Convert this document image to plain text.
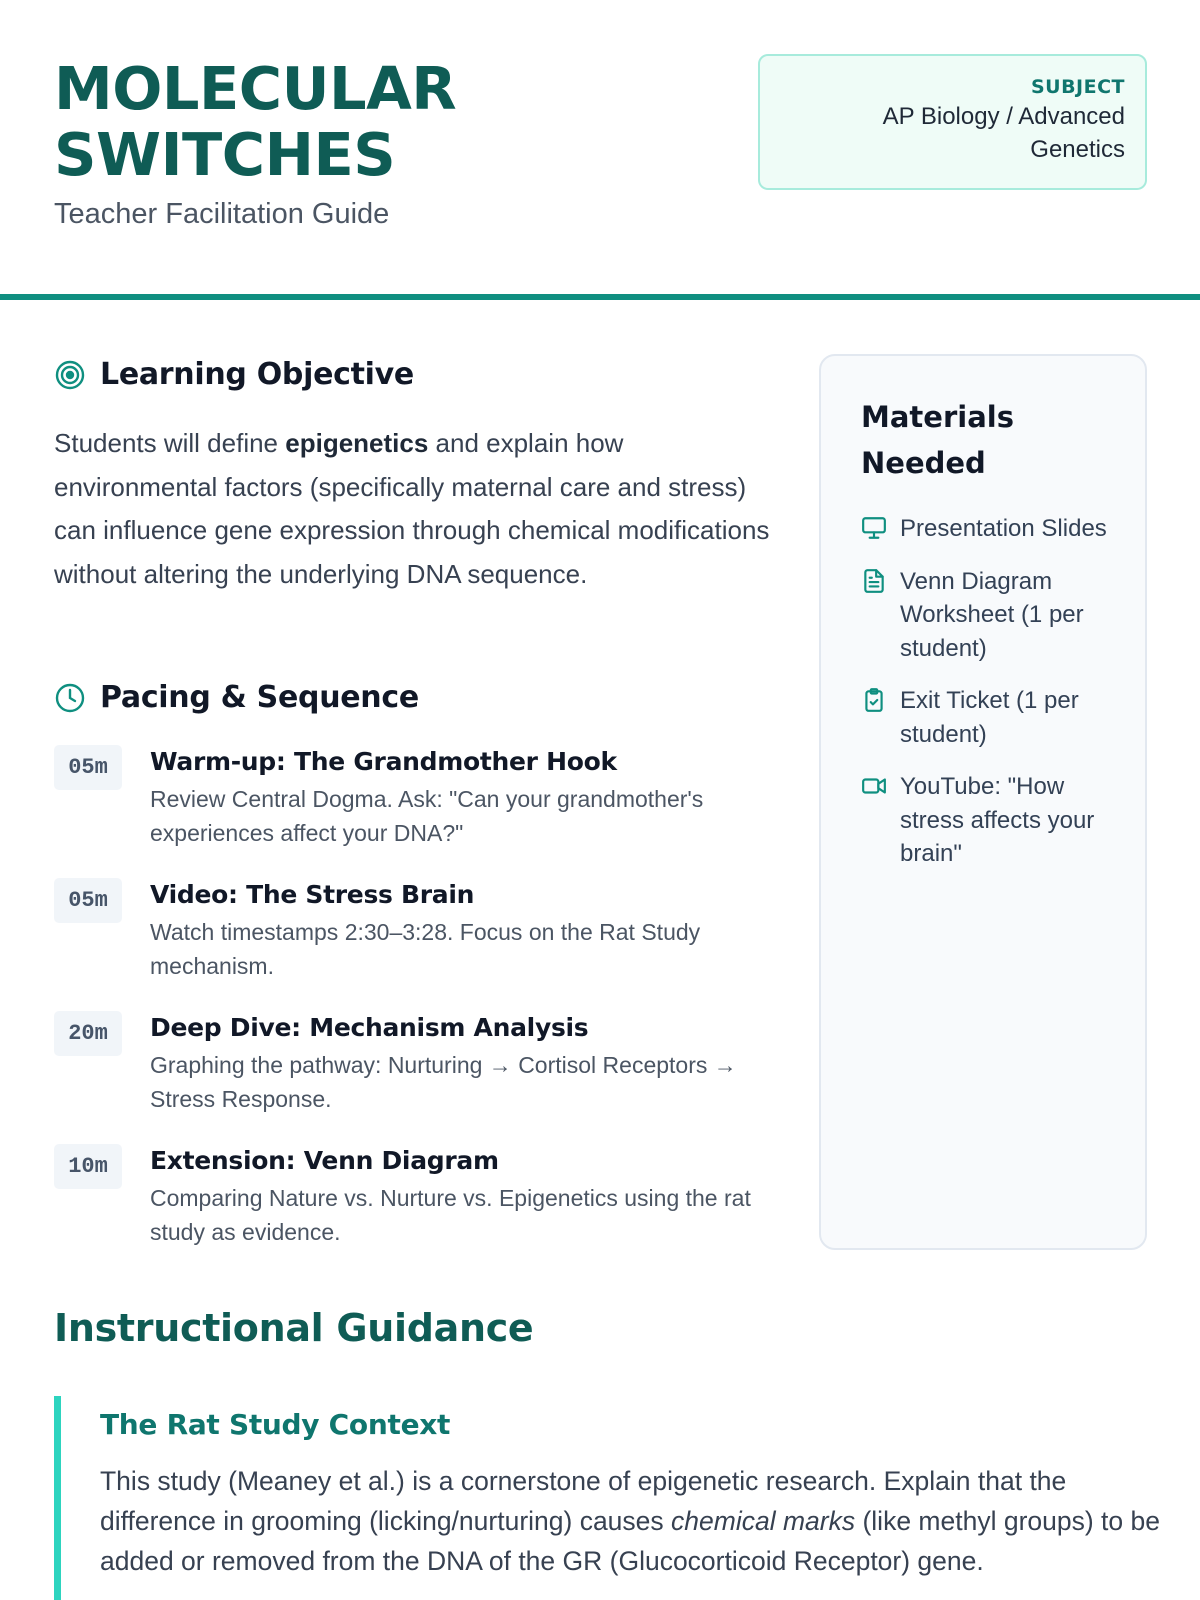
MOLECULAR
SWITCHES
Teacher Facilitation Guide
SUBJECT
AP Biology / Advanced
Genetics
Learning Objective
Students will define epigenetics and explain how environmental factors (specifically maternal care and stress) can influence gene expression through chemical modifications without altering the underlying DNA sequence.
Pacing & Sequence
05m	Warm-up: The Grandmother Hook
Review Central Dogma. Ask: "Can your grandmother's experiences affect your DNA?"
05m	Video: The Stress Brain
Watch timestamps 2:30–3:28. Focus on the Rat Study mechanism.
20m	Deep Dive: Mechanism Analysis
Graphing the pathway: Nurturing → Cortisol Receptors → Stress Response.
10m	Extension: Venn Diagram
Comparing Nature vs. Nurture vs. Epigenetics using the rat study as evidence.
Materials Needed
Presentation Slides
Venn Diagram Worksheet (1 per student)
Exit Ticket (1 per student)
YouTube: "How stress affects your brain"
Instructional Guidance
The Rat Study Context
This study (Meaney et al.) is a cornerstone of epigenetic research. Explain that the difference in grooming (licking/nurturing) causes chemical marks (like methyl groups) to be added or removed from the DNA of the GR (Glucocorticoid Receptor) gene.
